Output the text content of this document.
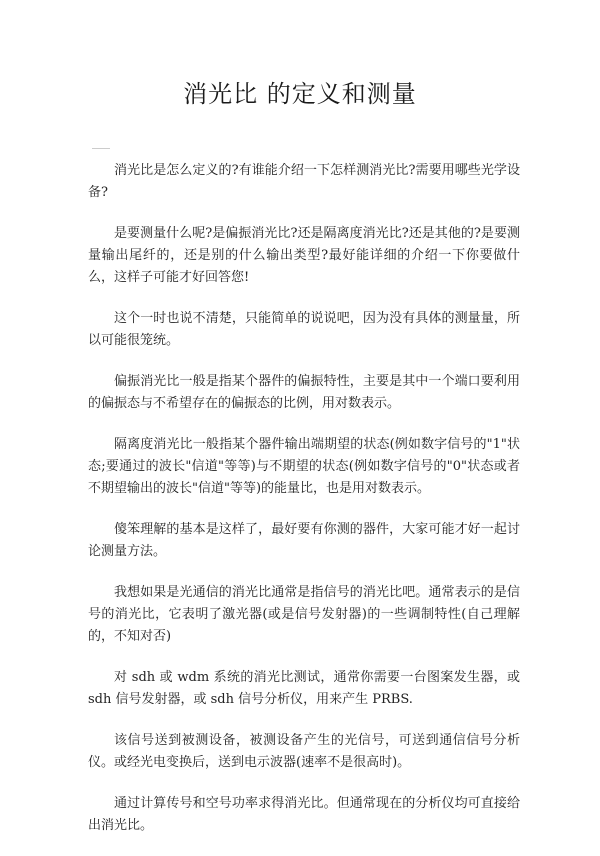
消光比 的定义和测量

消光比是怎么定义的?有谁能介绍一下怎样测消光比?需要用哪些光学设备?

是要测量什么呢?是偏振消光比?还是隔离度消光比?还是其他的?是要测量输出尾纤的，还是别的什么输出类型?最好能详细的介绍一下你要做什么，这样子可能才好回答您!

这个一时也说不清楚，只能简单的说说吧，因为没有具体的测量量，所以可能很笼统。

偏振消光比一般是指某个器件的偏振特性，主要是其中一个端口要利用的偏振态与不希望存在的偏振态的比例，用对数表示。

隔离度消光比一般指某个器件输出端期望的状态(例如数字信号的"1"状态;要通过的波长"信道"等等)与不期望的状态(例如数字信号的"0"状态或者不期望输出的波长"信道"等等)的能量比，也是用对数表示。

傻笨理解的基本是这样了，最好要有你测的器件，大家可能才好一起讨论测量方法。

我想如果是光通信的消光比通常是指信号的消光比吧。通常表示的是信号的消光比，它表明了激光器(或是信号发射器)的一些调制特性(自己理解的，不知对否)

对 sdh 或 wdm 系统的消光比测试，通常你需要一台图案发生器，或 sdh 信号发射器，或 sdh 信号分析仪，用来产生 PRBS.

该信号送到被测设备，被测设备产生的光信号，可送到通信信号分析仪。或经光电变换后，送到电示波器(速率不是很高时)。

通过计算传号和空号功率求得消光比。但通常现在的分析仪均可直接给出消光比。
